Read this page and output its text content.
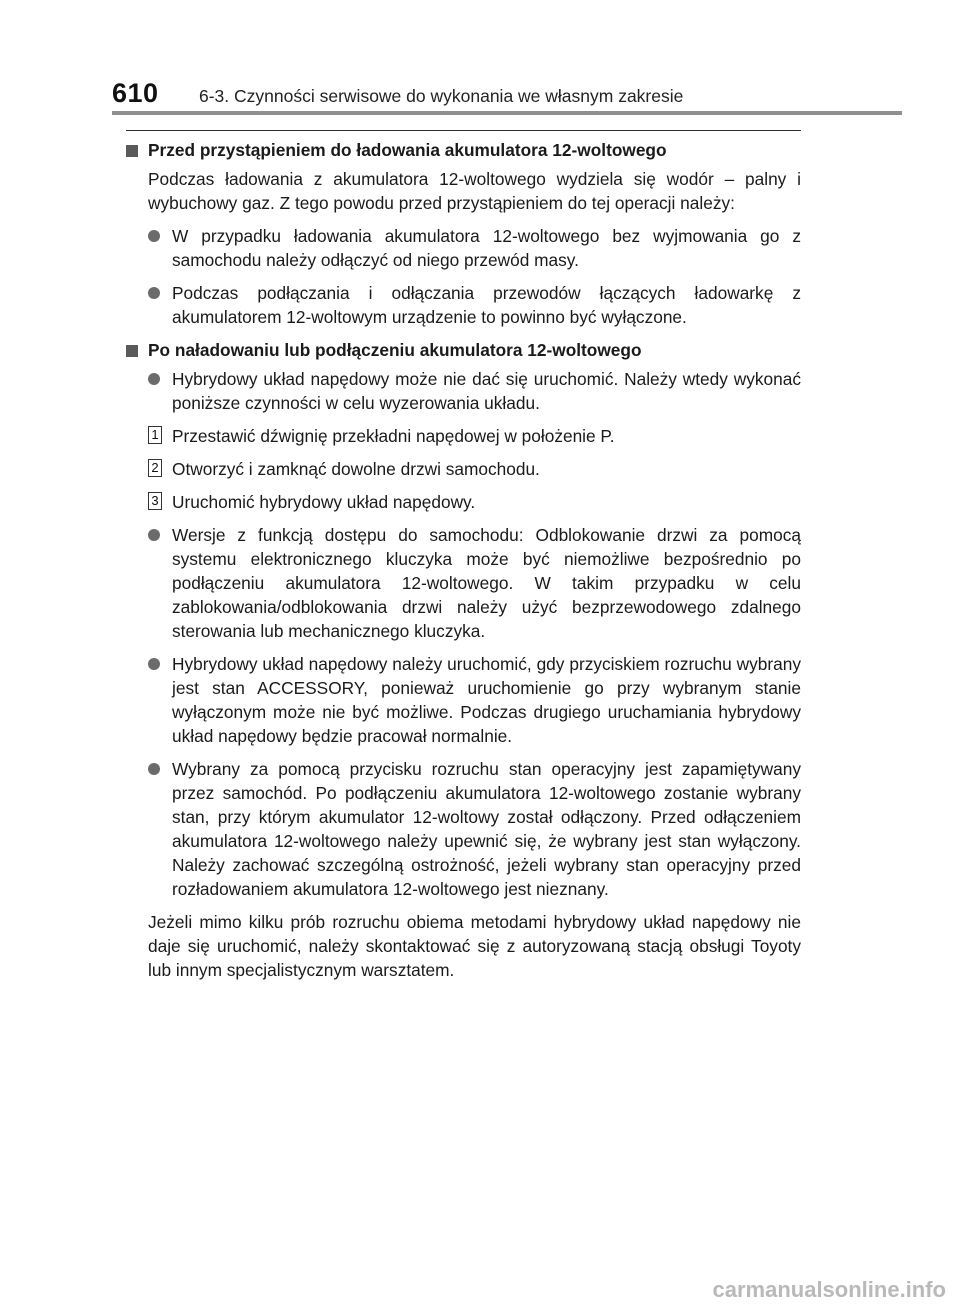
610 6-3. Czynności serwisowe do wykonania we własnym zakresie
Przed przystąpieniem do ładowania akumulatora 12-woltowego

Podczas ładowania z akumulatora 12-woltowego wydziela się wodór – palny i wybuchowy gaz. Z tego powodu przed przystąpieniem do tej operacji należy:

W przypadku ładowania akumulatora 12-woltowego bez wyjmowania go z samochodu należy odłączyć od niego przewód masy.
Podczas podłączania i odłączania przewodów łączących ładowarkę z akumulatorem 12-woltowym urządzenie to powinno być wyłączone.
Po naładowaniu lub podłączeniu akumulatora 12-woltowego
Hybrydowy układ napędowy może nie dać się uruchomić. Należy wtedy wykonać poniższe czynności w celu wyzerowania układu.
1 Przestawić dźwignię przekładni napędowej w położenie P.
2 Otworzyć i zamknąć dowolne drzwi samochodu.
3 Uruchomić hybrydowy układ napędowy.
Wersje z funkcją dostępu do samochodu: Odblokowanie drzwi za pomocą systemu elektronicznego kluczyka może być niemożliwe bezpośrednio po podłączeniu akumulatora 12-woltowego. W takim przypadku w celu zablokowania/odblokowania drzwi należy użyć bezprzewodowego zdalnego sterowania lub mechanicznego kluczyka.
Hybrydowy układ napędowy należy uruchomić, gdy przyciskiem rozruchu wybrany jest stan ACCESSORY, ponieważ uruchomienie go przy wybranym stanie wyłączonym może nie być możliwe. Podczas drugiego uruchamiania hybrydowy układ napędowy będzie pracował normalnie.
Wybrany za pomocą przycisku rozruchu stan operacyjny jest zapamiętywany przez samochód. Po podłączeniu akumulatora 12-woltowego zostanie wybrany stan, przy którym akumulator 12-woltowy został odłączony. Przed odłączeniem akumulatora 12-woltowego należy upewnić się, że wybrany jest stan wyłączony. Należy zachować szczególną ostrożność, jeżeli wybrany stan operacyjny przed rozładowaniem akumulatora 12-woltowego jest nieznany.

Jeżeli mimo kilku prób rozruchu obiema metodami hybrydowy układ napędowy nie daje się uruchomić, należy skontaktować się z autoryzowaną stacją obsługi Toyoty lub innym specjalistycznym warsztatem.

carmanualsonline.info
